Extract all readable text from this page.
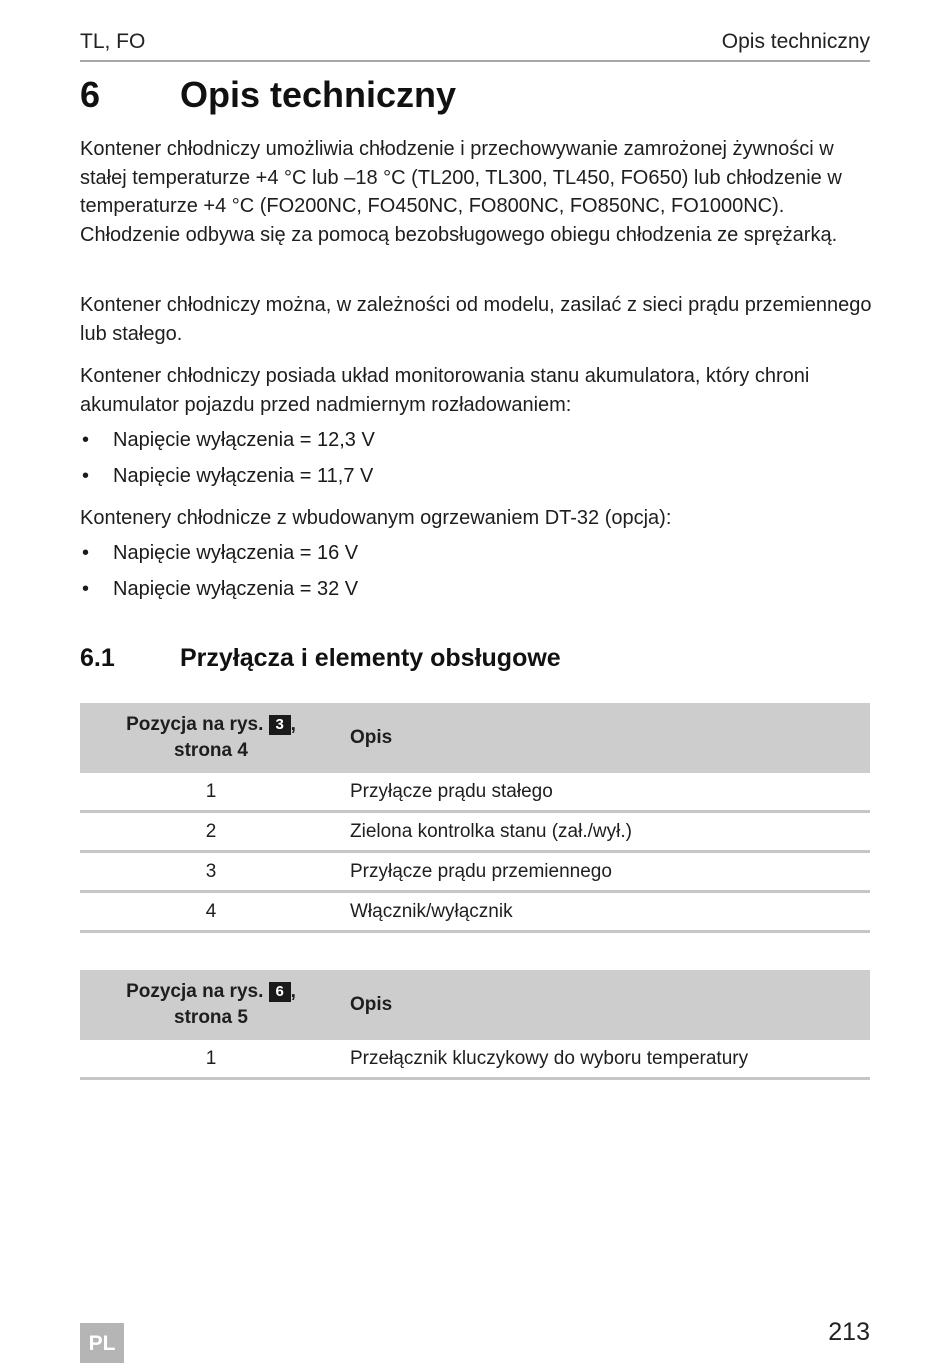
TL, FO	Opis techniczny
6 Opis techniczny

Kontener chłodniczy umożliwia chłodzenie i przechowywanie zamrożonej żywności w stałej temperaturze +4 °C lub –18 °C (TL200, TL300, TL450, FO650) lub chłodzenie w temperaturze +4 °C (FO200NC, FO450NC, FO800NC, FO850NC, FO1000NC). Chłodzenie odbywa się za pomocą bezobsługowego obiegu chłodzenia ze sprężarką.

Kontener chłodniczy można, w zależności od modelu, zasilać z sieci prądu przemiennego lub stałego.

Kontener chłodniczy posiada układ monitorowania stanu akumulatora, który chroni akumulator pojazdu przed nadmiernym rozładowaniem:

• Napięcie wyłączenia = 12,3 V
• Napięcie wyłączenia = 11,7 V

Kontenery chłodnicze z wbudowanym ogrzewaniem DT-32 (opcja):

• Napięcie wyłączenia = 16 V
• Napięcie wyłączenia = 32 V
6.1	Przyłącza i elementy obsługowe
Pozycja na rys. 3 ,
strona 4	Opis
1	Przyłącze prądu stałego
2	Zielona kontrolka stanu (zał./wył.)
3	Przyłącze prądu przemiennego
4	Włącznik/wyłącznik
Pozycja na rys. 6 ,
strona 5	Opis
1	Przełącznik kluczykowy do wyboru temperatury
PL	213
